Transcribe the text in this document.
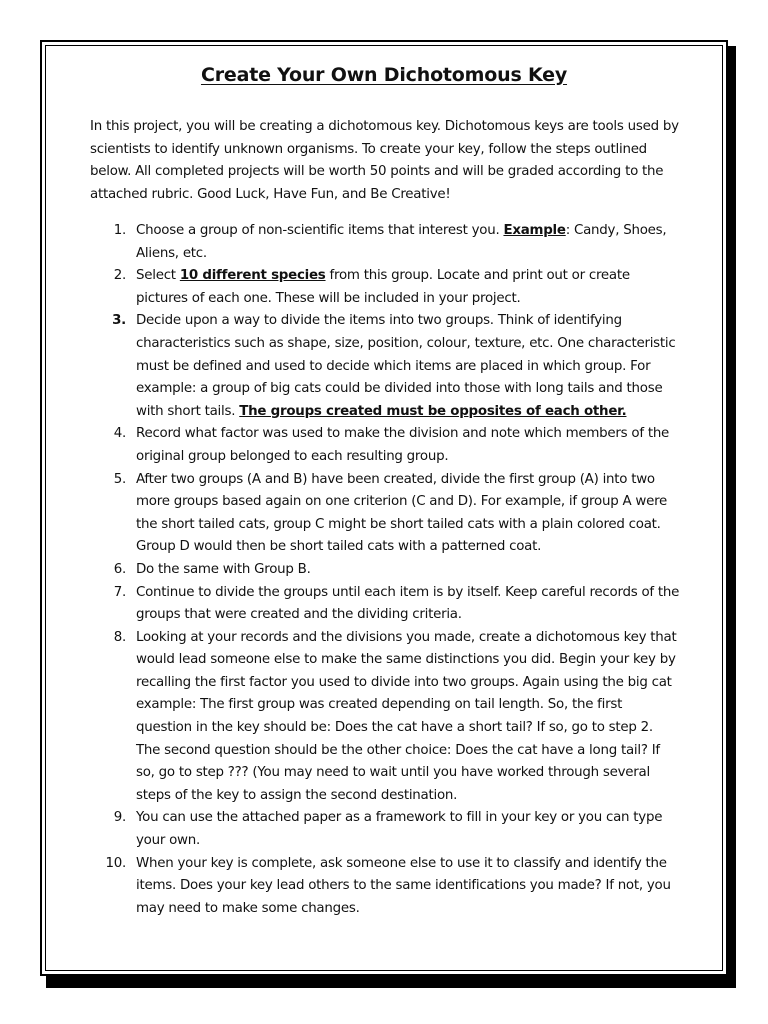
Create Your Own Dichotomous Key

In this project, you will be creating a dichotomous key. Dichotomous keys are tools used by scientists to identify unknown organisms. To create your key, follow the steps outlined below. All completed projects will be worth 50 points and will be graded according to the attached rubric. Good Luck, Have Fun, and Be Creative!

1. Choose a group of non-scientific items that interest you. Example: Candy, Shoes, Aliens, etc.
2. Select 10 different species from this group. Locate and print out or create pictures of each one. These will be included in your project.
3. Decide upon a way to divide the items into two groups. Think of identifying characteristics such as shape, size, position, colour, texture, etc. One characteristic must be defined and used to decide which items are placed in which group. For example: a group of big cats could be divided into those with long tails and those with short tails. The groups created must be opposites of each other.
4. Record what factor was used to make the division and note which members of the original group belonged to each resulting group.
5. After two groups (A and B) have been created, divide the first group (A) into two more groups based again on one criterion (C and D). For example, if group A were the short tailed cats, group C might be short tailed cats with a plain colored coat. Group D would then be short tailed cats with a patterned coat.
6. Do the same with Group B.
7. Continue to divide the groups until each item is by itself. Keep careful records of the groups that were created and the dividing criteria.
8. Looking at your records and the divisions you made, create a dichotomous key that would lead someone else to make the same distinctions you did. Begin your key by recalling the first factor you used to divide into two groups. Again using the big cat example: The first group was created depending on tail length. So, the first question in the key should be: Does the cat have a short tail? If so, go to step 2. The second question should be the other choice: Does the cat have a long tail? If so, go to step ??? (You may need to wait until you have worked through several steps of the key to assign the second destination.
9. You can use the attached paper as a framework to fill in your key or you can type your own.
10. When your key is complete, ask someone else to use it to classify and identify the items. Does your key lead others to the same identifications you made? If not, you may need to make some changes.
